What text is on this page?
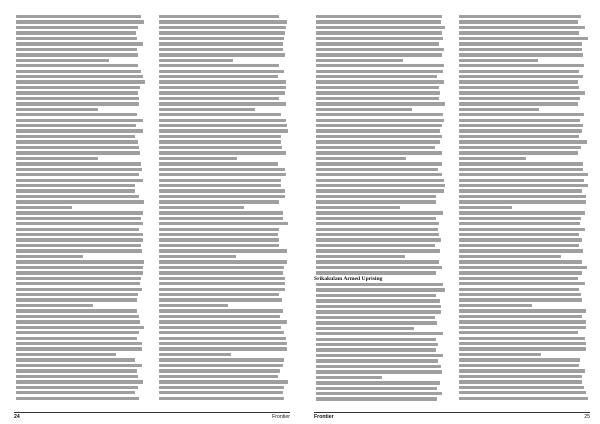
24	Frontier

Srikakulam Armed Uprising

Frontier	25
